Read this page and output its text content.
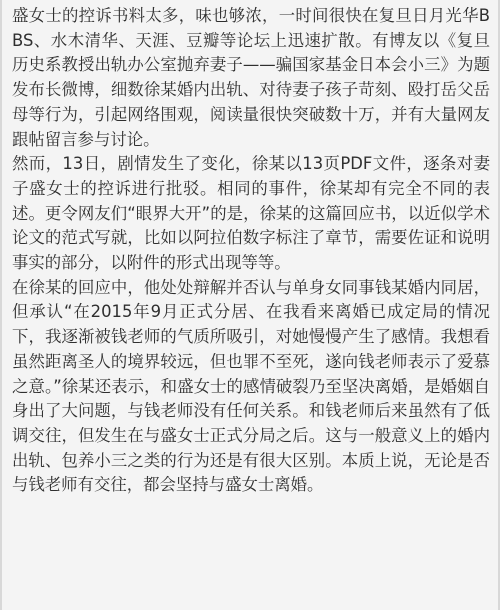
盛女士的控诉书料太多，味也够浓，一时间很快在复旦日月光华BBS、水木清华、天涯、豆瓣等论坛上迅速扩散。有博友以《复旦历史系教授出轨办公室抛弃妻子——骗国家基金日本会小三》为题发布长微博，细数徐某婚内出轨、对待妻子孩子苛刻、殴打岳父岳母等行为，引起网络围观，阅读量很快突破数十万，并有大量网友跟帖留言参与讨论。

然而，13日，剧情发生了变化，徐某以13页PDF文件，逐条对妻子盛女士的控诉进行批驳。相同的事件，徐某却有完全不同的表述。更令网友们“眼界大开”的是，徐某的这篇回应书，以近似学术论文的范式写就，比如以阿拉伯数字标注了章节，需要佐证和说明事实的部分，以附件的形式出现等等。

在徐某的回应中，他处处辩解并否认与单身女同事钱某婚内同居，但承认“在2015年9月正式分居、在我看来离婚已成定局的情况下，我逐渐被钱老师的气质所吸引，对她慢慢产生了感情。我想看虽然距离圣人的境界较远，但也罪不至死，遂向钱老师表示了爱慕之意。”徐某还表示，和盛女士的感情破裂乃至坚决离婚，是婚姻自身出了大问题，与钱老师没有任何关系。和钱老师后来虽然有了低调交往，但发生在与盛女士正式分局之后。这与一般意义上的婚内出轨、包养小三之类的行为还是有很大区别。本质上说，无论是否与钱老师有交往，都会坚持与盛女士离婚。
